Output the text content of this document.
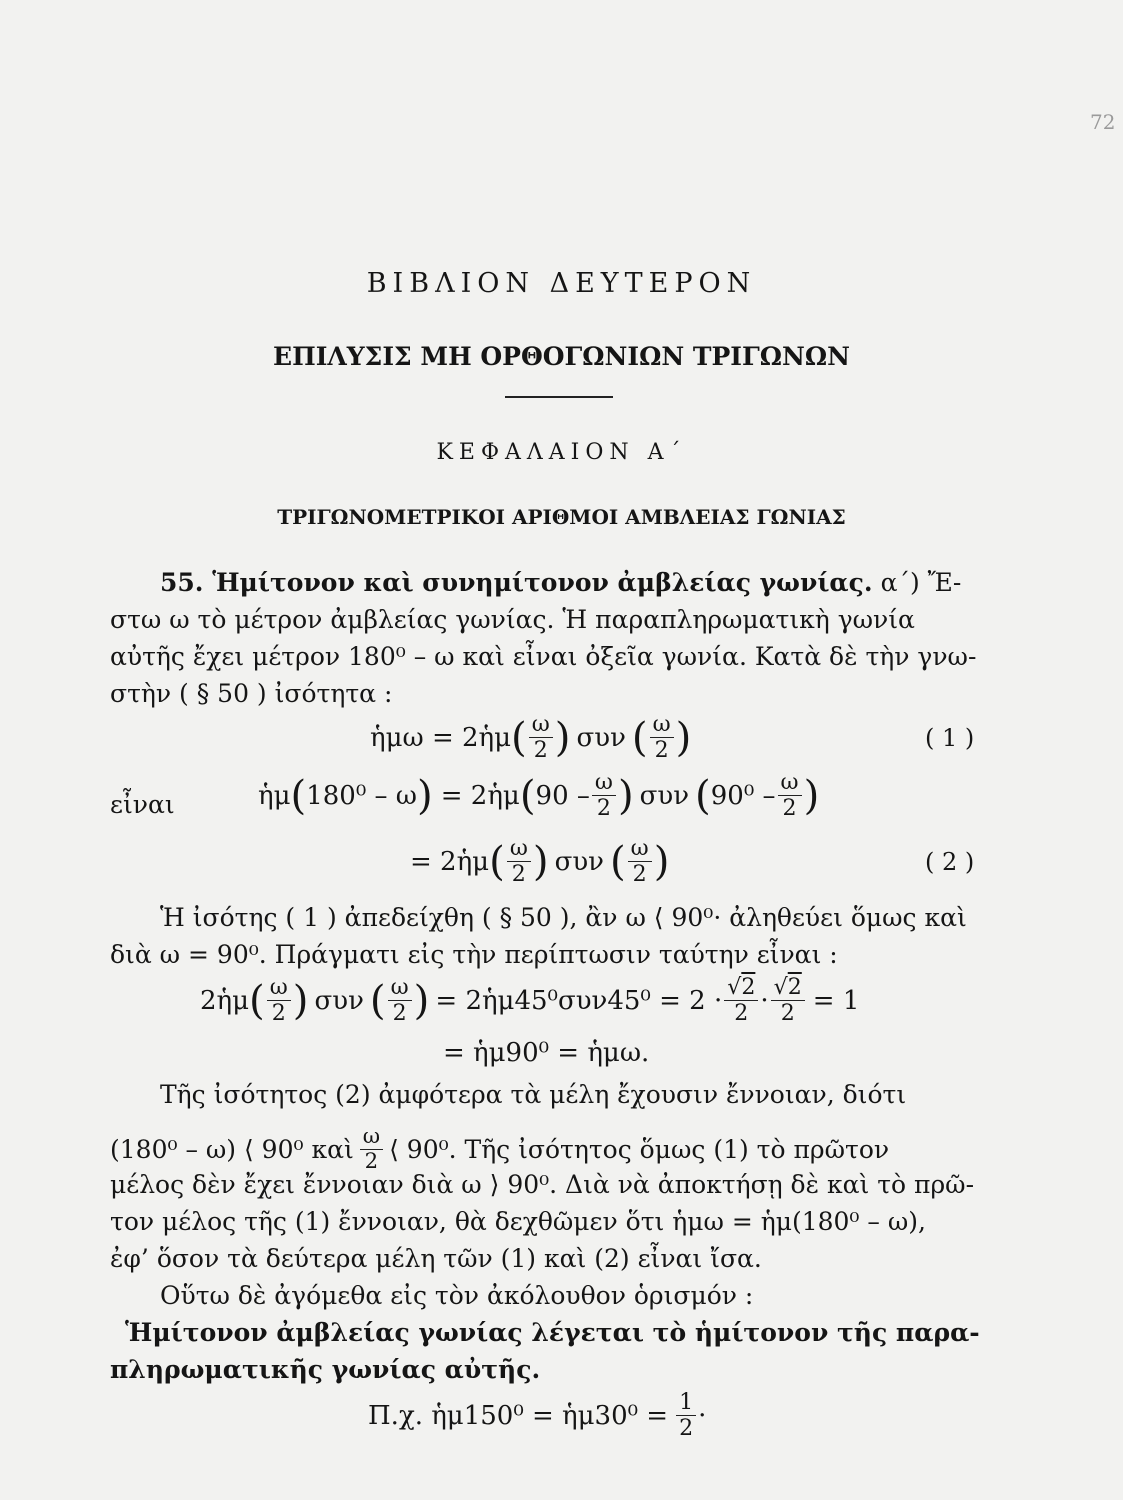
72
ΒΙΒΛΙΟΝ ΔΕΥΤΕΡΟΝ
ΕΠΙΛΥΣΙΣ ΜΗ ΟΡΘΟΓΩΝΙΩΝ ΤΡΙΓΩΝΩΝ
ΚΕΦΑΛΑΙΟΝ Α΄
ΤΡΙΓΩΝΟΜΕΤΡΙΚΟΙ ΑΡΙΘΜΟΙ ΑΜΒΛΕΙΑΣ ΓΩΝΙΑΣ
55. Ἡμίτονον καὶ συνημίτονον ἀμβλείας γωνίας. α΄) Ἔ-
στω ω τὸ μέτρον ἀμβλείας γωνίας. Ἡ παραπληρωματικὴ γωνία
αὐτῆς ἔχει μέτρον 180⁰ – ω καὶ εἶναι ὀξεῖα γωνία. Κατὰ δὲ τὴν γνω-
στὴν ( § 50 ) ἰσότητα :
ἡμω = 2ἡμ ( $\frac{\omega}{2}$ ) συν ( $\frac{\omega}{2}$ )	( 1 )
εἶναι	ἡμ ( 180⁰ – ω ) = 2ἡμ ( $90 - \frac{\omega}{2}$ ) συν ( $90^0 - \frac{\omega}{2}$ )
= 2ἡμ ( $\frac{\omega}{2}$ ) συν ( $\frac{\omega}{2}$ )	( 2 )
Ἡ ἰσότης ( 1 ) ἀπεδείχθη ( § 50 ), ἂν ω ⟨ 90⁰· ἀληθεύει ὅμως καὶ
διὰ ω = 90⁰. Πράγματι εἰς τὴν περίπτωσιν ταύτην εἶναι :
2ἡμ ( $\frac{\omega}{2}$ ) συν ( $\frac{\omega}{2}$ ) = 2ἡμ45⁰συν45⁰ = $2 \cdot \frac{√2}{2} \cdot \frac{√2}{2} = 1$
= ἡμ90⁰ = ἡμω.
Τῆς ἰσότητος (2) ἀμφότερα τὰ μέλη ἔχουσιν ἔννοιαν, διότι
(180⁰ – ω) ⟨ 90⁰ καὶ $\frac{\omega}{2}$ ⟨ 90⁰. Τῆς ἰσότητος ὅμως (1) τὸ πρῶτον
μέλος δὲν ἔχει ἔννοιαν διὰ ω ⟩ 90⁰. Διὰ νὰ ἀποκτήσῃ δὲ καὶ τὸ πρῶ-
τον μέλος τῆς (1) ἔννοιαν, θὰ δεχθῶμεν ὅτι ἡμω = ἡμ(180⁰ – ω),
ἐφ’ ὅσον τὰ δεύτερα μέλη τῶν (1) καὶ (2) εἶναι ἴσα.
Οὕτω δὲ ἀγόμεθα εἰς τὸν ἀκόλουθον ὁρισμόν :
Ἡμίτονον ἀμβλείας γωνίας λέγεται τὸ ἡμίτονον τῆς παρα-
πληρωματικῆς γωνίας αὐτῆς.
Π.χ. ἡμ150⁰ = ἡμ30⁰ = $\frac{1}{2}$ ·
